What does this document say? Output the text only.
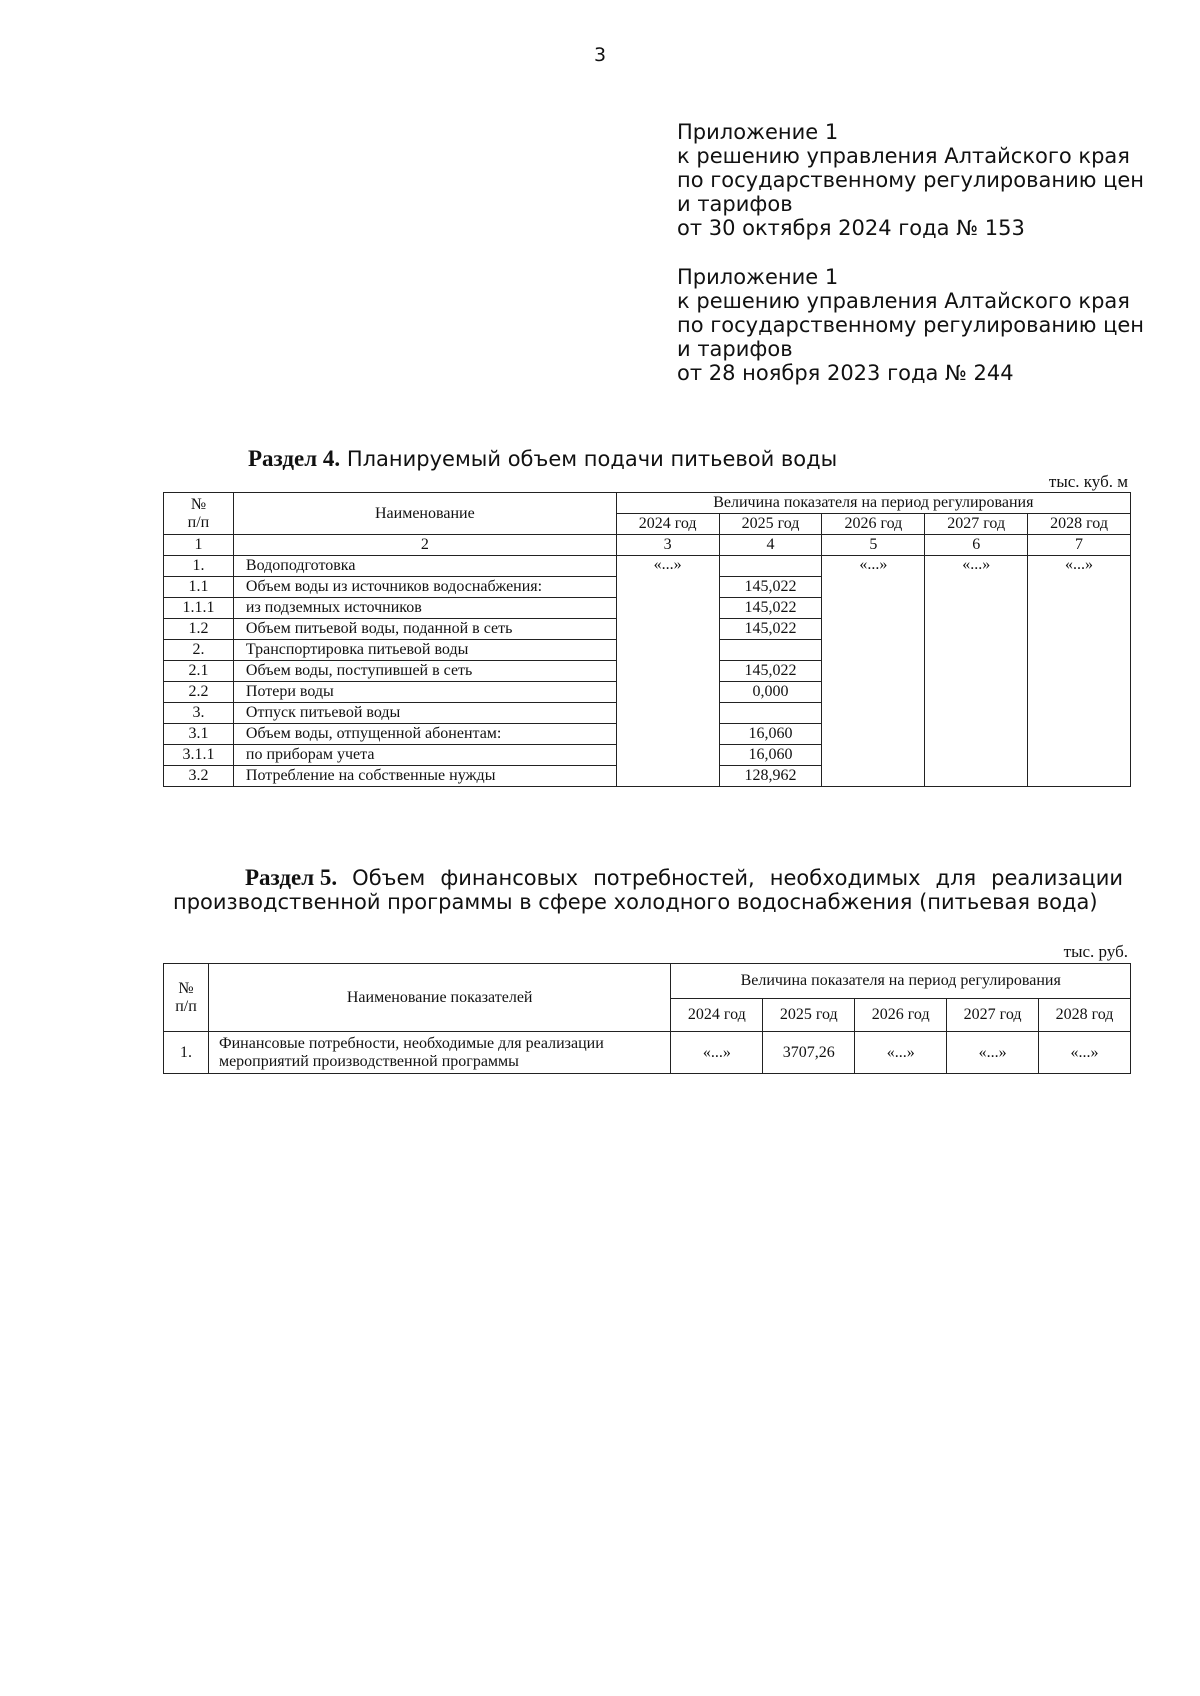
3
Приложение 1
к решению управления Алтайского края
по государственному регулированию цен
и тарифов
от 30 октября 2024 года № 153
Приложение 1
к решению управления Алтайского края
по государственному регулированию цен
и тарифов
от 28 ноября 2023 года № 244
Раздел 4. Планируемый объем подачи питьевой воды
тыс. куб. м
№
п/п	Наименование	Величина показателя на период регулирования				
		2024 год	2025 год	2026 год	2027 год	2028 год
1	2	3	4	5	6	7
1.	Водоподготовка	«...»		«...»	«...»	«...»
1.1	Объем воды из источников водоснабжения:		145,022			
1.1.1	из подземных источников		145,022			
1.2	Объем питьевой воды, поданной в сеть		145,022			
2.	Транспортировка питьевой воды					
2.1	Объем воды, поступившей в сеть		145,022			
2.2	Потери воды		0,000			
3.	Отпуск питьевой воды					
3.1	Объем воды, отпущенной абонентам:		16,060			
3.1.1	по приборам учета		16,060			
3.2	Потребление на собственные нужды		128,962			
Раздел 5. Объем финансовых потребностей, необходимых для реализации
производственной программы в сфере холодного водоснабжения (питьевая вода)
тыс. руб.
№
п/п	Наименование показателей	Величина показателя на период регулирования				
		2024 год	2025 год	2026 год	2027 год	2028 год
1.	Финансовые потребности, необходимые для реализации мероприятий производственной программы	«...»	3707,26	«...»	«...»	«...»
